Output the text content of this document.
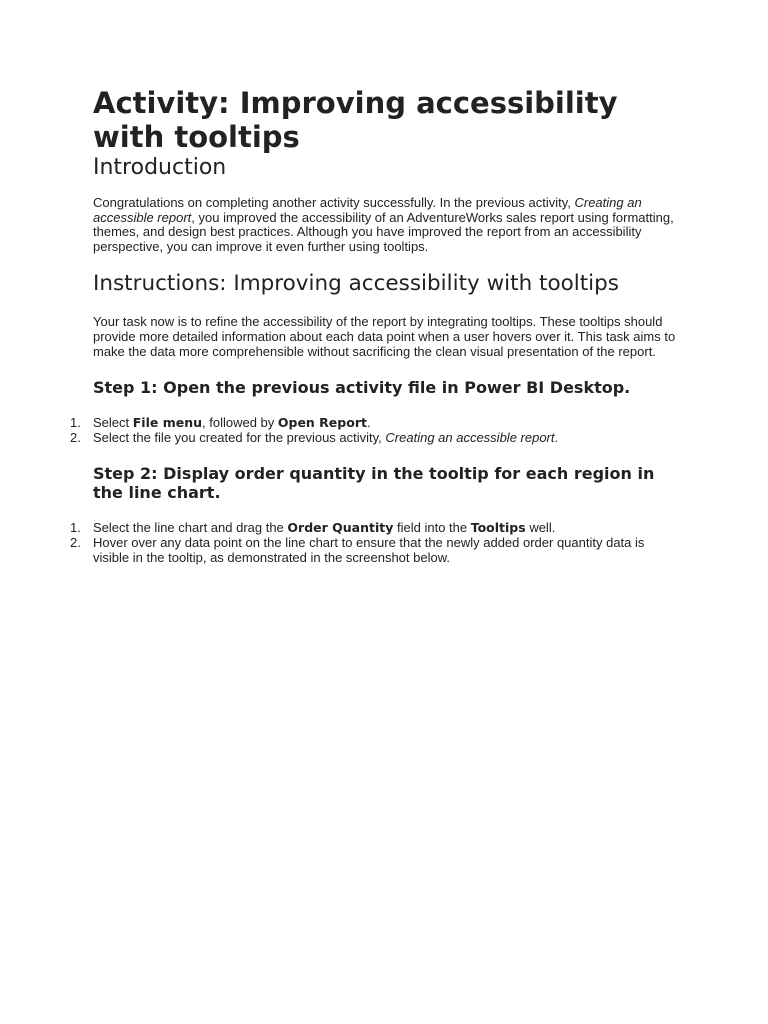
Activity: Improving accessibility with tooltips
Introduction

Congratulations on completing another activity successfully. In the previous activity, Creating an accessible report, you improved the accessibility of an AdventureWorks sales report using formatting, themes, and design best practices. Although you have improved the report from an accessibility perspective, you can improve it even further using tooltips.

Instructions: Improving accessibility with tooltips

Your task now is to refine the accessibility of the report by integrating tooltips. These tooltips should provide more detailed information about each data point when a user hovers over it. This task aims to make the data more comprehensible without sacrificing the clean visual presentation of the report.

Step 1: Open the previous activity file in Power BI Desktop.
1. Select File menu, followed by Open Report.
2. Select the file you created for the previous activity, Creating an accessible report.
Step 2: Display order quantity in the tooltip for each region in the line chart.
1. Select the line chart and drag the Order Quantity field into the Tooltips well.
2. Hover over any data point on the line chart to ensure that the newly added order quantity data is visible in the tooltip, as demonstrated in the screenshot below.
